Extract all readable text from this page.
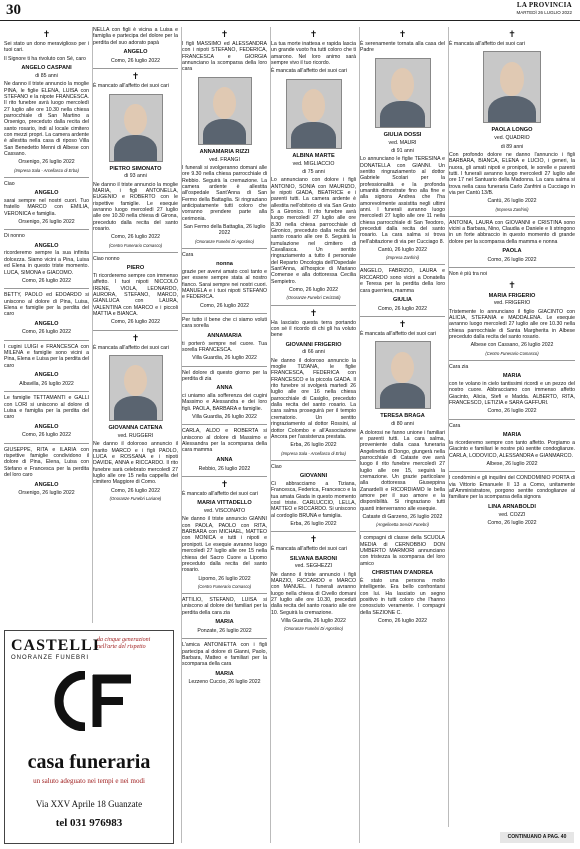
30	LA PROVINCIA
MARTEDÌ 26 LUGLIO 2022
✝
Sei stato un dono meraviglioso per i tuoi cari.
Il Signore ti ha rivoluto con Sé, caro
ANGELO CASPANI
di 85 anni
Ne danno il triste annuncio la moglie PINA, le figlie ELENA, LUISA con STEFANO e la nipote FRANCESCA. Il rito funebre avrà luogo mercoledì 27 luglio alle ore 10.30 nella chiesa parrocchiale di San Martino a Orsenigo, preceduto dalla recita del santo rosario, indi al locale cimitero con mezzi propri. La camera ardente è allestita nella casa di riposo Villa San Benedetto Menni di Albese con Cassano.
Orsenigo, 26 luglio 2022
(Impresa Sala - Arcellasco di Erba)
Ciao
ANGELO
sarai sempre nel nostri cuori. Tuo fratello MARCO con EMILIA, VERONICA e famiglia.
Orsenigo, 26 luglio 2022
Di nonno
ANGELO
ricorderemo sempre la sua infinita dolcezza. Siamo vicini a Pina, Luisa ed Elena in questo triste momento. LUCA, SIMONA e GIACOMO.
Como, 26 luglio 2022
BETTY, PAOLO ed EDOARDO si uniscono al dolore di Pina, Luisa, Elena e famiglie per la perdita del caro
ANGELO
Como, 26 luglio 2022
I cugini LUIGI e FRANCESCA con MILENA e famiglie sono vicini a Pina, Elena e Luisa per la perdita del caro
ANGELO
Albavilla, 26 luglio 2022
Le famiglie TETTAMANTI e GALLI con LORI si uniscono al dolore di Luisa e famiglia per la perdita del caro
ANGELO
Como, 26 luglio 2022
GIUSEPPE, RITA e ILARIA con rispettive famiglie condividono il dolore di Pina, Elena, Luisa con Stefano e Francesca per la perdita del loro caro
ANGELO
Orsenigo, 26 luglio 2022
NELLA con figli è vicina a Luisa e famiglia e partecipa del dolore per la perdita del suo adorato papà
ANGELO
Como, 26 luglio 2022
✝
È mancato all'affetto dei suoi cari
PIETRO SIMONATO
di 93 anni
Ne danno il triste annuncio la moglie MARIA, i figli ANTONELLA, EUGENIO e ROBERTO con le rispettive famiglie. Le esequie avranno luogo mercoledì 27 luglio alle ore 10.30 nella chiesa di Girona, preceduto dalla recita del santo rosario.
Como, 26 luglio 2022
(Centro Funerario Comasco)
Ciao nonno
PIERO
Ti ricorderemo sempre con immenso affetto. I tuoi nipoti NICCOLÒ IRENE, VIOLA, LEONARDO, AURORA, STEFANO, MARCO, GIANLUCA con LAURA, VALENTINA con MARCO e i piccoli MATTIA e BIANCA.
Como, 26 luglio 2022
✝
È mancata all'affetto dei suoi cari
GIOVANNA CATENA
ved. RUGGERI
Ne danno il doloroso annuncio il marito MARCO e i figli PAOLO, LUCA e ROSSANA e i nipoti DAVIDE, ANNA e RICCARDO. Il rito funebre sarà celebrato mercoledì 27 luglio alle ore 15 nella cappella del cimitero Maggiore di Como.
Como, 26 luglio 2022
(Onoranze Funebri Lariane)
✝
I figli MASSIMO ed ALESSANDRA con i nipoti STEFANO, FEDERICA, FRANCESCA e GIORGIA annunciano la scomparsa della loro cara
ANNAMARIA RIZZI
ved. FRANGI
I funerali si svolgeranno domani alle ore 9.30 nella chiesa parrocchiale di Rebbio. Seguirà la cremazione. La camera ardente è allestita all'ospedale Sant'Anna di San Fermo della Battaglia. Si ringraziano anticipatamente tutti coloro che vorranno prendere parte alla cerimonia.
San Fermo della Battaglia, 26 luglio 2022
(Onoranze Funebri Di Agostino)
Cara
nonna
grazie per avervi amato così tanto e per essere sempre stata al nostro fianco. Sarai sempre nei nostri cuori. MANUELA e i tuoi nipoti STEFANO e FEDERICA.
Como, 26 luglio 2022
Per tutto il bene che ci siamo voluti cara sorella
ANNAMARIA
ti porterò sempre nel cuore. Tua sorella FRANCESCA.
Villa Guardia, 26 luglio 2022
Nel dolore di questo giorno per la perdita di zia
ANNA
ci uniamo alla sofferenza dei cugini Massimo e Alessandra e dei loro figli. PAOLA, BARBARA e famiglie.
Villa Guardia, 26 luglio 2022
CARLA, ALDO e ROBERTA si uniscono al dolore di Massimo e Alessandra per la scomparsa della cara mamma
ANNA
Rebbio, 26 luglio 2022
✝
È mancato all'affetto dei suoi cari
MARIA VITTADELLO
ved. VISCONATO
Ne danno il triste annuncio GIANNI con PAOLA, PAOLO con RITA, BARBARA con MICHAEL, MATTEO con MONICA e tutti i nipoti e pronipoti. Le esequie avranno luogo mercoledì 27 luglio alle ore 15 nella chiesa del Sacro Cuore a Lipomo preceduto dalla recita del santo rosario.
Lipomo, 26 luglio 2022
(Centro Funerario Comasco)
ATTILIO, STEFANO, LUISA si uniscono al dolore dei familiari per la perdita della cara zia
MARIA
Ponzate, 26 luglio 2022
L'amica ANTONIETTA con i figli partecipa al dolore di Gianni, Paolo, Barbara, Matteo e familiari per la scomparsa della cara
MARIA
Lezzeno Cuccio, 26 luglio 2022
✝
La tua morte inattesa e rapida lascia un grande vuoto fra tutti coloro che ti amarono. Nel loro animo sarà sempre vivo il tuo ricordo.
È mancata all'affetto dei suoi cari
ALBINA MARTE
ved. MIGLIACCIO
di 75 anni
Lo annunciano con dolore i figli ANTONIO, SONIA con MAURIZIO, le nipoti GIADA, BEATRICE e i parenti tutti. La camera ardente è allestita nell'obitorio di via San Grato 5 a Gironico. Il rito funebre avrà luogo mercoledì 27 luglio alle ore 8.30 nella chiesa parrocchiale di Gironico, preceduto dalla recita del santo rosario alle ore 8. Seguirà la tumulazione nel cimitero di Cavallasca. Un sentito ringraziamento a tutto il personale del Reparto Oncologia dell'Ospedale Sant'Anna, all'hospice di Mariano Comense e alla dottoressa Cecilia Sempietro.
Como, 26 luglio 2022
(Onoranze Funebri Cerizzati)
✝
Ha lasciato questa terra portando con sé il ricordo di chi gli ha voluto bene
GIOVANNI FRIGERIO
di 66 anni
Ne danno il doloroso annuncio la moglie TIZIANA, le figlie FRANCESCA, FEDERICA con FRANCESCO e la piccola GIADA. Il rito funebre si svolgerà martedì 26 luglio alle ore 16 nella chiesa parrocchiale di Casiglio, preceduto dalla recita del santo rosario. La cara salma proseguirà per il tempio crematorio. Un sentito ringraziamento al dottor Rossini, al dottor Colombo e all'Associazione Ancora per l'assistenza prestata.
Erba, 26 luglio 2022
(Impresa Sala - Arcellasco di Erba)
Ciao
GIOVANNI
Ci abbracciamo a Tiziana, Francesca, Federica, Francesco e la tua amata Giada in questo momento così triste. CARLUCCIO, LELLA, MATTEO e RICCARDO. Si uniscono al cordoglio BRUNA e famiglia.
Erba, 26 luglio 2022
✝
È mancata all'affetto dei suoi cari
SILVANA BARONI
ved. SEGHEZZI
Ne danno il triste annuncio i figli MARZIO, RICCARDO e MARCO con MANUEL. I funerali avranno luogo nella chiesa di Civello domani 27 luglio alle ore 10.30, preceduti dalla recita del santo rosario alle ore 10. Seguirà la cremazione.
Villa Guardia, 26 luglio 2022
(Onoranze Funebri Di Agostino)
✝
È serenamente tornata alla casa del Padre
GIULIA DOSSI
ved. MAURI
di 91 anni
Lo annunciano le figlie TERESINA e DONATELLA con GIANNI. Un sentito ringraziamento al dottor Gabriele Scolari per la professionalità e la profonda umanità dimostrate fino alla fine e alla signora Andrea che l'ha amorevolmente assistita negli ultimi anni. I funerali avranno luogo mercoledì 27 luglio alle ore 11 nella chiesa parrocchiale di San Teodoro, preceduti dalla recita del santo rosario. La cara salma si trova nell'abitazione di via per Cucciago 8.
Cantù, 26 luglio 2022
(Impresa Zanfrini)
ANGELO, FABRIZIO, LAURA e RICCARDO sono vicini a Donatella e Teresa per la perdita della loro cara guerriera, mamma
GIULIA
Como, 26 luglio 2022
✝
È mancata all'affetto dei suoi cari
TERESA BRAGA
di 80 anni
A dolorosi ne fanno unione i familiari e parenti tutti. La cara salma, proveniente dalla casa funeraria Angelinetta di Dongo, giungerà nella parrocchiale di Cataste ove avrà luogo il rito funebre mercoledì 27 luglio alle ore 15, seguirà la cremazione. Un grazie particolare alla dottoressa Giuseppina Zanardelli e RICORDIAMO le bella amore per il suo amore e la disponibilità. Si ringraziano tutti quanti interverranno alle esequie.
Cataste di Garzeno, 26 luglio 2022
(Angelinetta Servizi Funebri)
I compagni di classe della SCUOLA MEDIA di CERNOBBIO DON UMBERTO MARMORI annunciano con tristezza la scomparsa del loro amico
CHRISTIAN D'ANDREA
È stato una persona molto intelligente. Era bello confrontarsi con lui. Ha lasciato un segno positivo in tutti coloro che l'hanno conosciuto veramente. I compagni della SEZIONE C.
Como, 26 luglio 2022
✝
È mancata all'affetto dei suoi cari
PAOLA LONGO
ved. QUADRIO
di 89 anni
Con profondo dolore ne danno l'annuncio i figli BARBARA, BIANCA, ELENA e LUCIO, i generi, la nuora, gli amati nipoti e pronipoti, le sorelle e parenti tutti. I funerali avranno luogo mercoledì 27 luglio alle ore 17 nel Santuario della Madonna. La cara salma si trova nella casa funeraria Carlo Zanfrini a Cucciago in via per Cantù 13/B.
Cantù, 26 luglio 2022
(Impresa Zanfrini)
ANTONIA, LAURA con GIOVANNI e CRISTINA sono vicini a Barbara, Nino, Claudia e Daniele e li stringono in un forte abbraccio in questo momento di grande dolore per la scomparsa della mamma e nonna
PAOLA
Como, 26 luglio 2022
Non è più tra noi
✝
MARIA FRIGERIO
ved. FRIGERIO
Tristemente lo annunciano il figlio GIACINTO con ALICIA, STEFANIA e MADDALENA. Le esequie avranno luogo mercoledì 27 luglio alle ore 10.30 nella chiesa parrocchiale di Santa Margherita in Albese preceduto dalla recita del santo rosario.
Albese con Cassano, 26 luglio 2022
(Centro Funerario Comasco)
Cara zia
MARIA
con te volano in cielo tantissimi ricordi e un pezzo del nostro cuore. Abbracciamo con immenso affetto Giacinto, Alicia, Stefi e Madda. ALBERTO, RITA, FRANCESCO, LETIZIA e SARA GAFFURI.
Como, 26 luglio 2022
Cara
MARIA
la ricorderemo sempre con tanto affetto. Porgiamo a Giacinto e familiari le nostre più sentite condoglianze. CARLA, LODOVICO, ALESSANDRA e GIANMARCO.
Albese, 26 luglio 2022
I condòmini e gli inquilini del CONDOMINIO PORTA di via Vittorio Emanuele II 13 a Como, unitamente all'Amministratore, porgono sentite condoglianze al familiare per la scomparsa della signora
LINA ARNABOLDI
ved. COZZI
Como, 26 luglio 2022
CASTELLI
ONORANZE FUNEBRI
da cinque generazioni nell'arte del rispetto
casa funeraria
un saluto adeguato nei tempi e nei modi
Via XXV Aprile 18 Guanzate
tel 031 976983
CONTINUANO A PAG. 40
